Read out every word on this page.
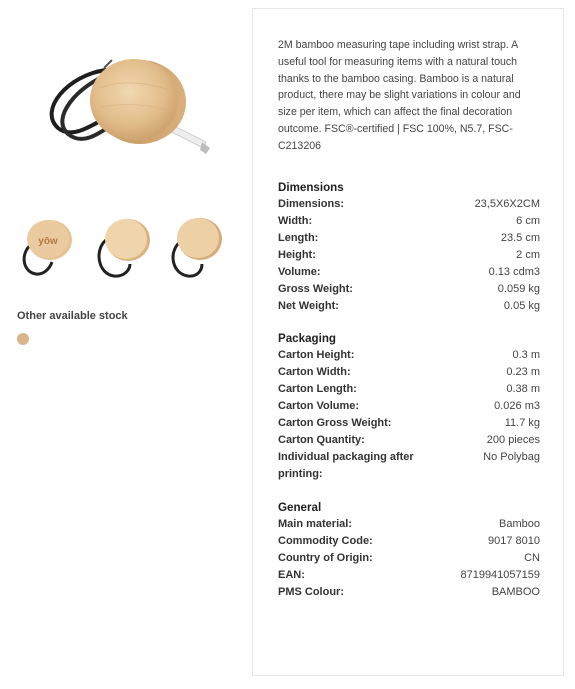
yōw
Other available stock
2M bamboo measuring tape including wrist strap. A useful tool for measuring items with a natural touch thanks to the bamboo casing. Bamboo is a natural product, there may be slight variations in colour and size per item, which can affect the final decoration outcome. FSC®-certified | FSC 100%, N5.7, FSC-C213206
Dimensions
Dimensions:	23,5X6X2CM
Width:	6 cm
Length:	23.5 cm
Height:	2 cm
Volume:	0.13 cdm3
Gross Weight:	0.059 kg
Net Weight:	0.05 kg
Packaging
Carton Height:	0.3 m
Carton Width:	0.23 m
Carton Length:	0.38 m
Carton Volume:	0.026 m3
Carton Gross Weight:	11.7 kg
Carton Quantity:	200 pieces
Individual packaging after printing:
No Polybag
General
Main material:	Bamboo
Commodity Code:	9017 8010
Country of Origin:	CN
EAN:	8719941057159
PMS Colour:	BAMBOO
